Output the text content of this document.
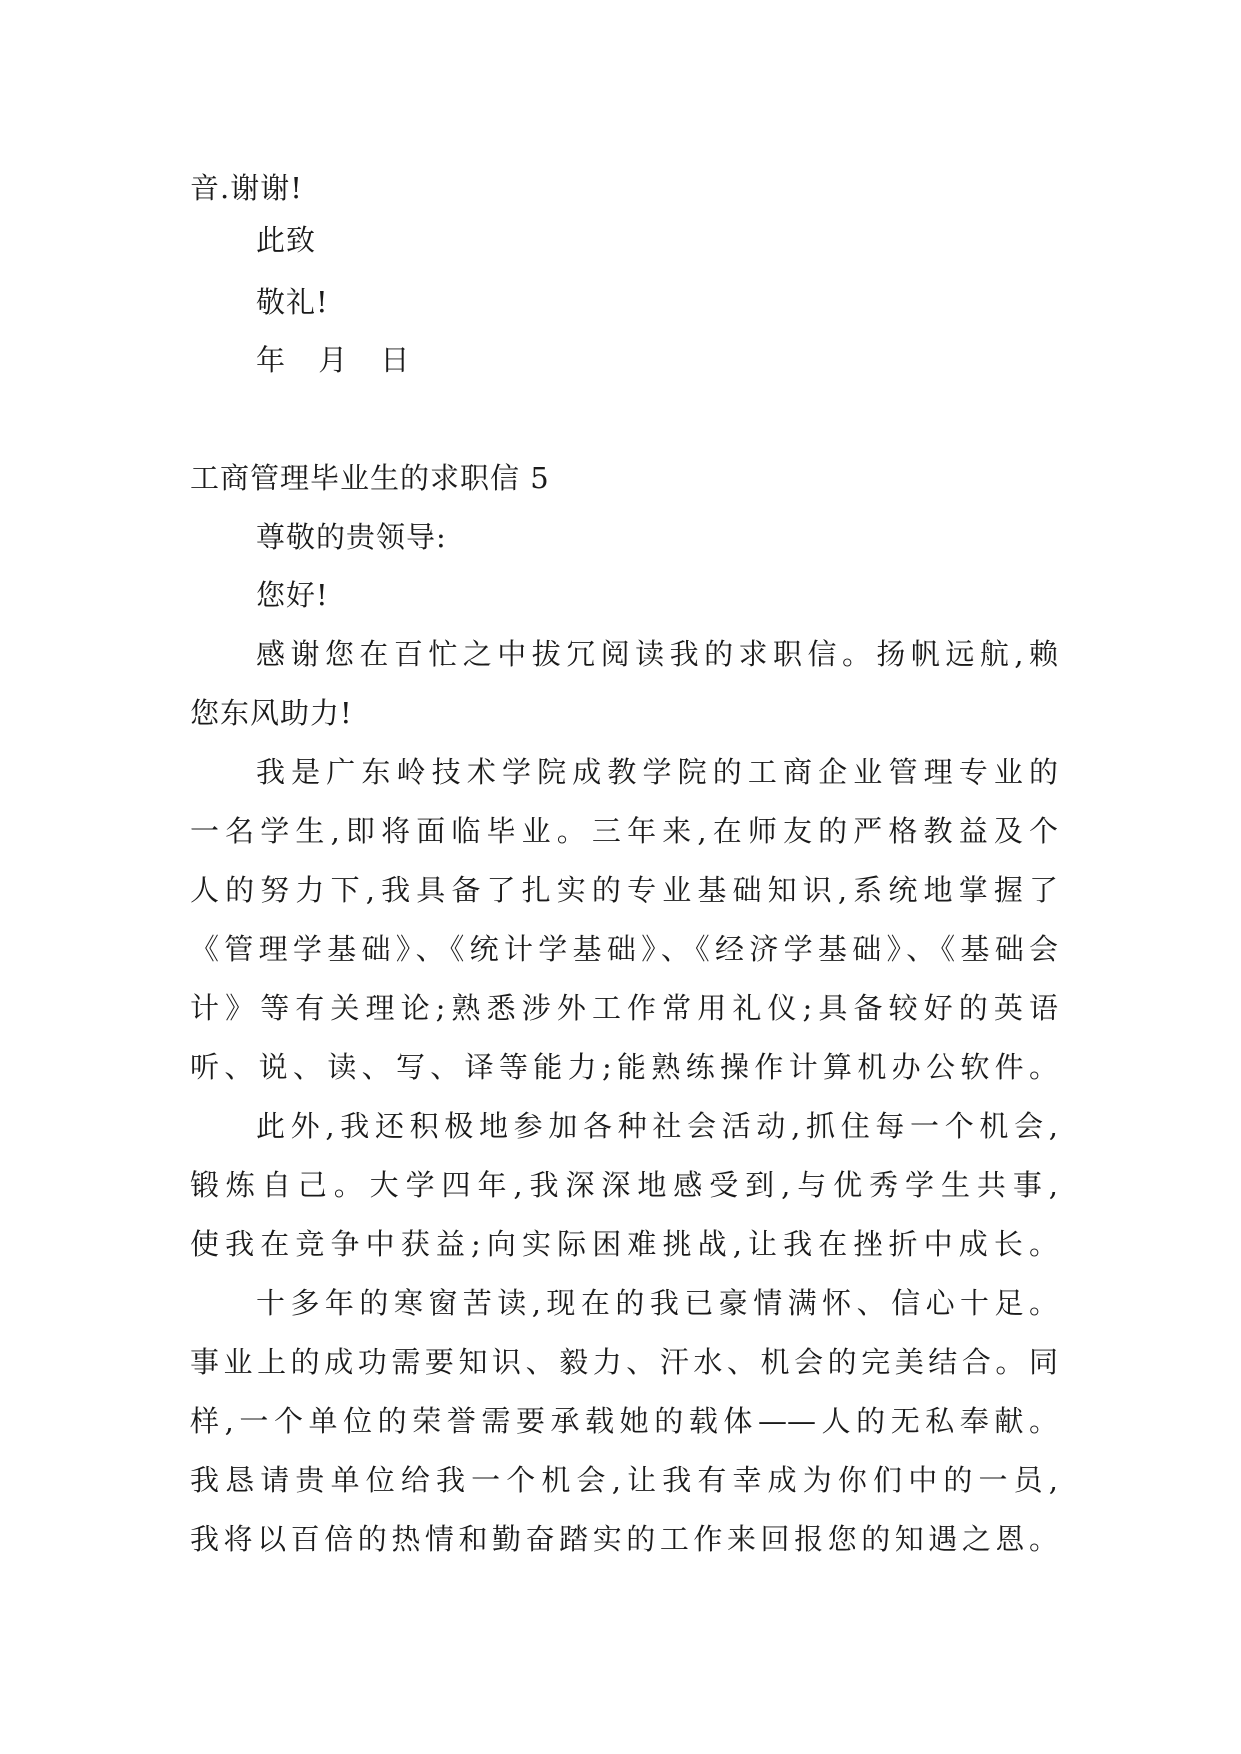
音.谢谢!
此致
敬礼!
年 月 日
工商管理毕业生的求职信 5
尊敬的贵领导:
您好!
感谢您在百忙之中拔冗阅读我的求职信。扬帆远航,赖
您东风助力!
我是广东岭技术学院成教学院的工商企业管理专业的
一名学生,即将面临毕业。三年来,在师友的严格教益及个
人的努力下,我具备了扎实的专业基础知识,系统地掌握了
《管理学基础》、《统计学基础》、《经济学基础》、《基础会
计》等有关理论;熟悉涉外工作常用礼仪;具备较好的英语
听、说、读、写、译等能力;能熟练操作计算机办公软件。
此外,我还积极地参加各种社会活动,抓住每一个机会,
锻炼自己。大学四年,我深深地感受到,与优秀学生共事,
使我在竞争中获益;向实际困难挑战,让我在挫折中成长。
十多年的寒窗苦读,现在的我已豪情满怀、信心十足。
事业上的成功需要知识、毅力、汗水、机会的完美结合。同
样,一个单位的荣誉需要承载她的载体——人的无私奉献。
我恳请贵单位给我一个机会,让我有幸成为你们中的一员,
我将以百倍的热情和勤奋踏实的工作来回报您的知遇之恩。
